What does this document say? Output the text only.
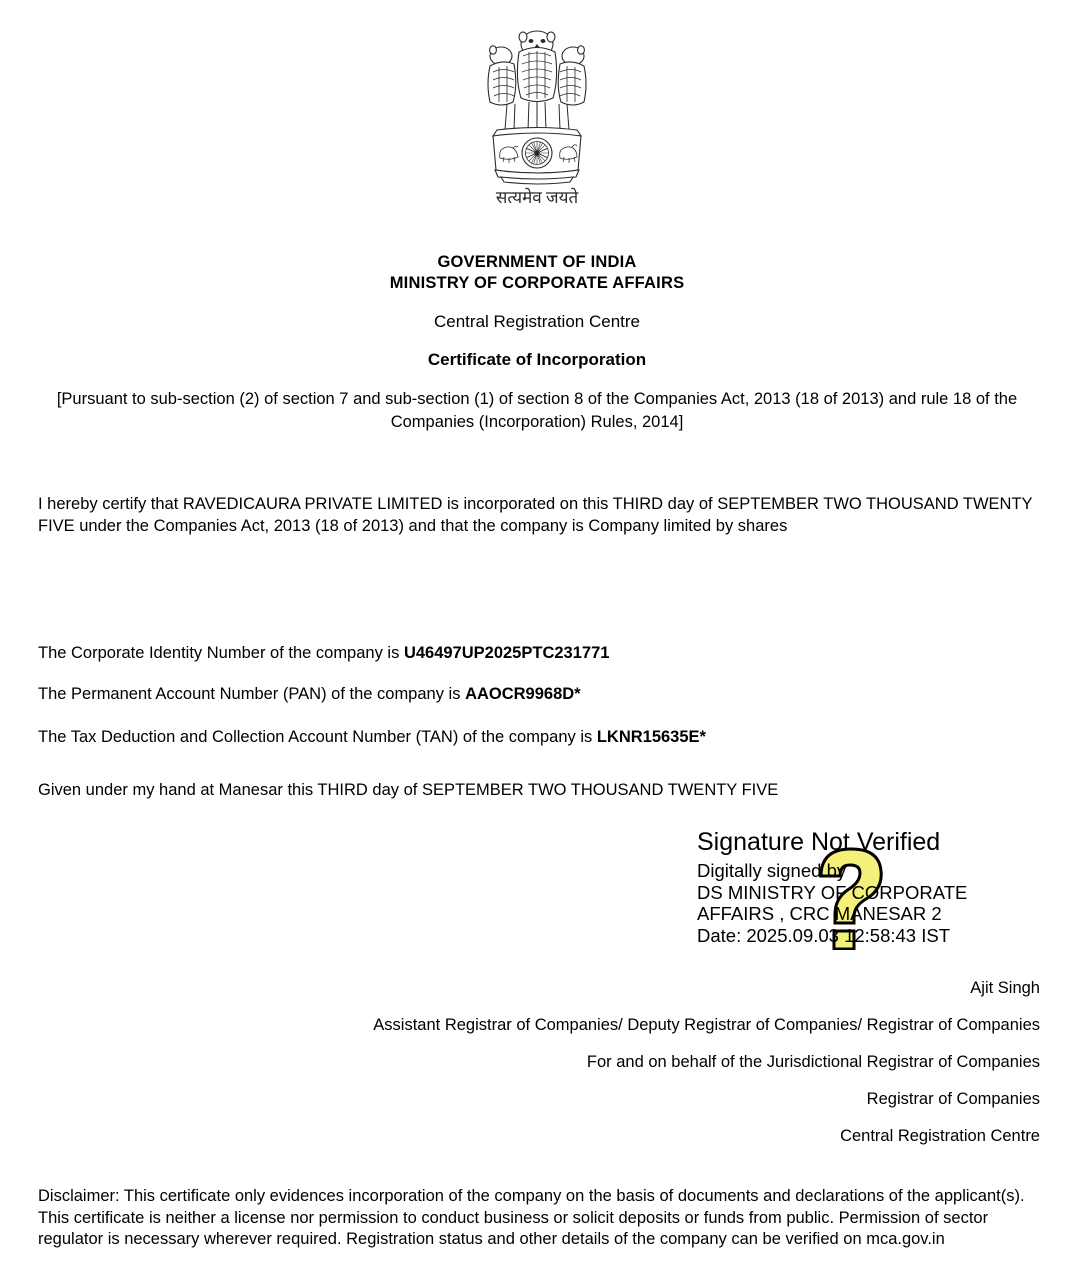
सत्यमेव जयते
GOVERNMENT OF INDIA
MINISTRY OF CORPORATE AFFAIRS
Central Registration Centre
Certificate of Incorporation
[Pursuant to sub-section (2) of section 7 and sub-section (1) of section 8 of the Companies Act, 2013 (18 of 2013) and rule 18 of the Companies (Incorporation) Rules, 2014]
I hereby certify that RAVEDICAURA PRIVATE LIMITED is incorporated on this THIRD day of SEPTEMBER TWO THOUSAND TWENTY FIVE under the Companies Act, 2013 (18 of 2013) and that the company is Company limited by shares
The Corporate Identity Number of the company is U46497UP2025PTC231771
The Permanent Account Number (PAN) of the company is AAOCR9968D*
The Tax Deduction and Collection Account Number (TAN) of the company is LKNR15635E*
Given under my hand at Manesar this THIRD day of SEPTEMBER TWO THOUSAND TWENTY FIVE
Signature Not Verified
Digitally signed by
DS MINISTRY OF CORPORATE
AFFAIRS , CRC MANESAR 2
Date: 2025.09.03 12:58:43 IST
Ajit Singh
Assistant Registrar of Companies/ Deputy Registrar of Companies/ Registrar of Companies
For and on behalf of the Jurisdictional Registrar of Companies
Registrar of Companies
Central Registration Centre
Disclaimer: This certificate only evidences incorporation of the company on the basis of documents and declarations of the applicant(s). This certificate is neither a license nor permission to conduct business or solicit deposits or funds from public. Permission of sector regulator is necessary wherever required. Registration status and other details of the company can be verified on mca.gov.in
